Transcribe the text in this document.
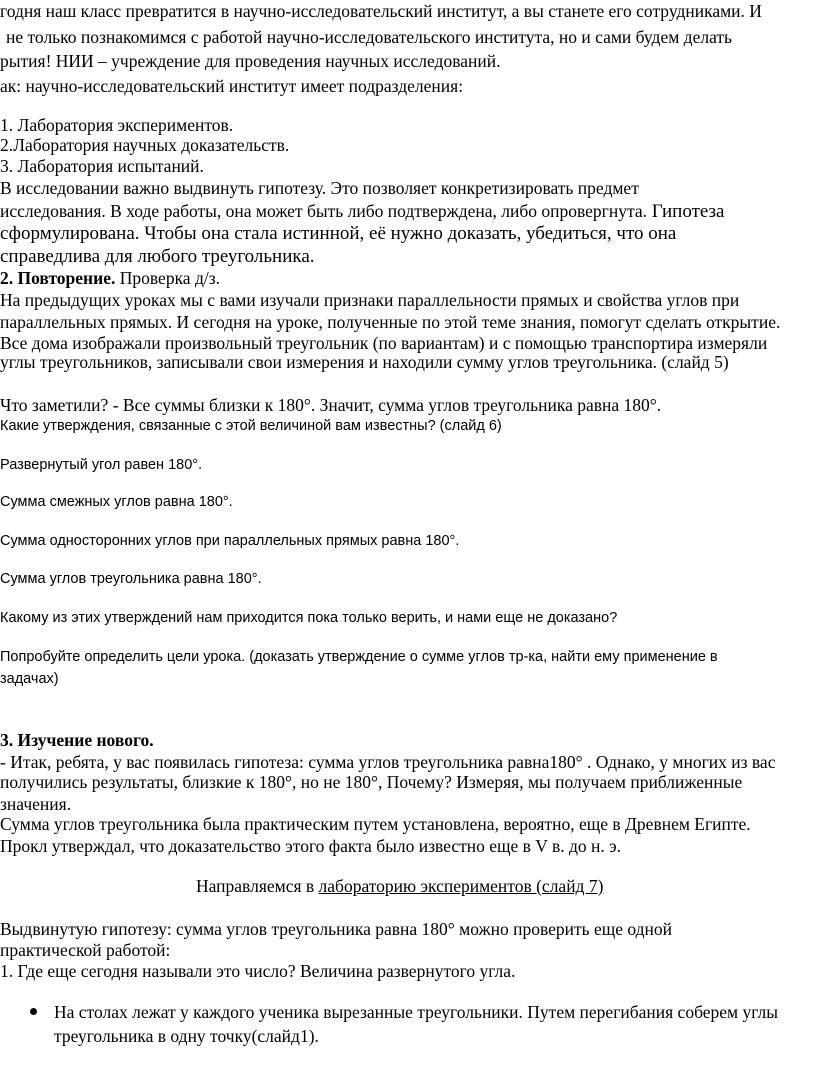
годня наш класс превратится в научно-исследовательский институт, а вы станете его сотрудниками. И
не только познакомимся с работой научно-исследовательского института, но и сами будем делать
рытия! НИИ – учреждение для проведения научных исследований.
ак: научно-исследовательский институт имеет подразделения:
1. Лаборатория экспериментов.
2.Лаборатория научных доказательств.
3. Лаборатория испытаний.
В исследовании важно выдвинуть гипотезу. Это позволяет конкретизировать предмет
исследования. В ходе работы, она может быть либо подтверждена, либо опровергнута. Гипотеза
сформулирована. Чтобы она стала истинной, её нужно доказать, убедиться, что она
справедлива для любого треугольника.
2. Повторение. Проверка д/з.
На предыдущих уроках мы с вами изучали признаки параллельности прямых и свойства углов при
параллельных прямых. И сегодня на уроке, полученные по этой теме знания, помогут сделать открытие.
Все дома изображали произвольный треугольник (по вариантам) и с помощью транспортира измеряли
углы треугольников, записывали свои измерения и находили сумму углов треугольника. (слайд 5)
Что заметили? - Все суммы близки к 180°. Значит, сумма углов треугольника равна 180°.
Какие утверждения, связанные с этой величиной вам известны? (слайд 6)
Развернутый угол равен 180°.
Сумма смежных углов равна 180°.
Сумма односторонних углов при параллельных прямых равна 180°.
Сумма углов треугольника равна 180°.
Какому из этих утверждений нам приходится пока только верить, и нами еще не доказано?
Попробуйте определить цели урока. (доказать утверждение о сумме углов тр-ка, найти ему применение в
задачах)
3. Изучение нового.
- Итак, ребята, у вас появилась гипотеза: сумма углов треугольника равна180° . Однако, у многих из вас
получились результаты, близкие к 180°, но не 180°, Почему? Измеряя, мы получаем приближенные
значения.
Сумма углов треугольника была практическим путем установлена, вероятно, еще в Древнем Египте.
Прокл утверждал, что доказательство этого факта было известно еще в V в. до н. э.
Направляемся в лабораторию экспериментов (слайд 7)
Выдвинутую гипотезу: сумма углов треугольника равна 180° можно проверить еще одной
практической работой:
1. Где еще сегодня называли это число? Величина развернутого угла.
На столах лежат у каждого ученика вырезанные треугольники. Путем перегибания соберем углы
треугольника в одну точку(слайд1).
